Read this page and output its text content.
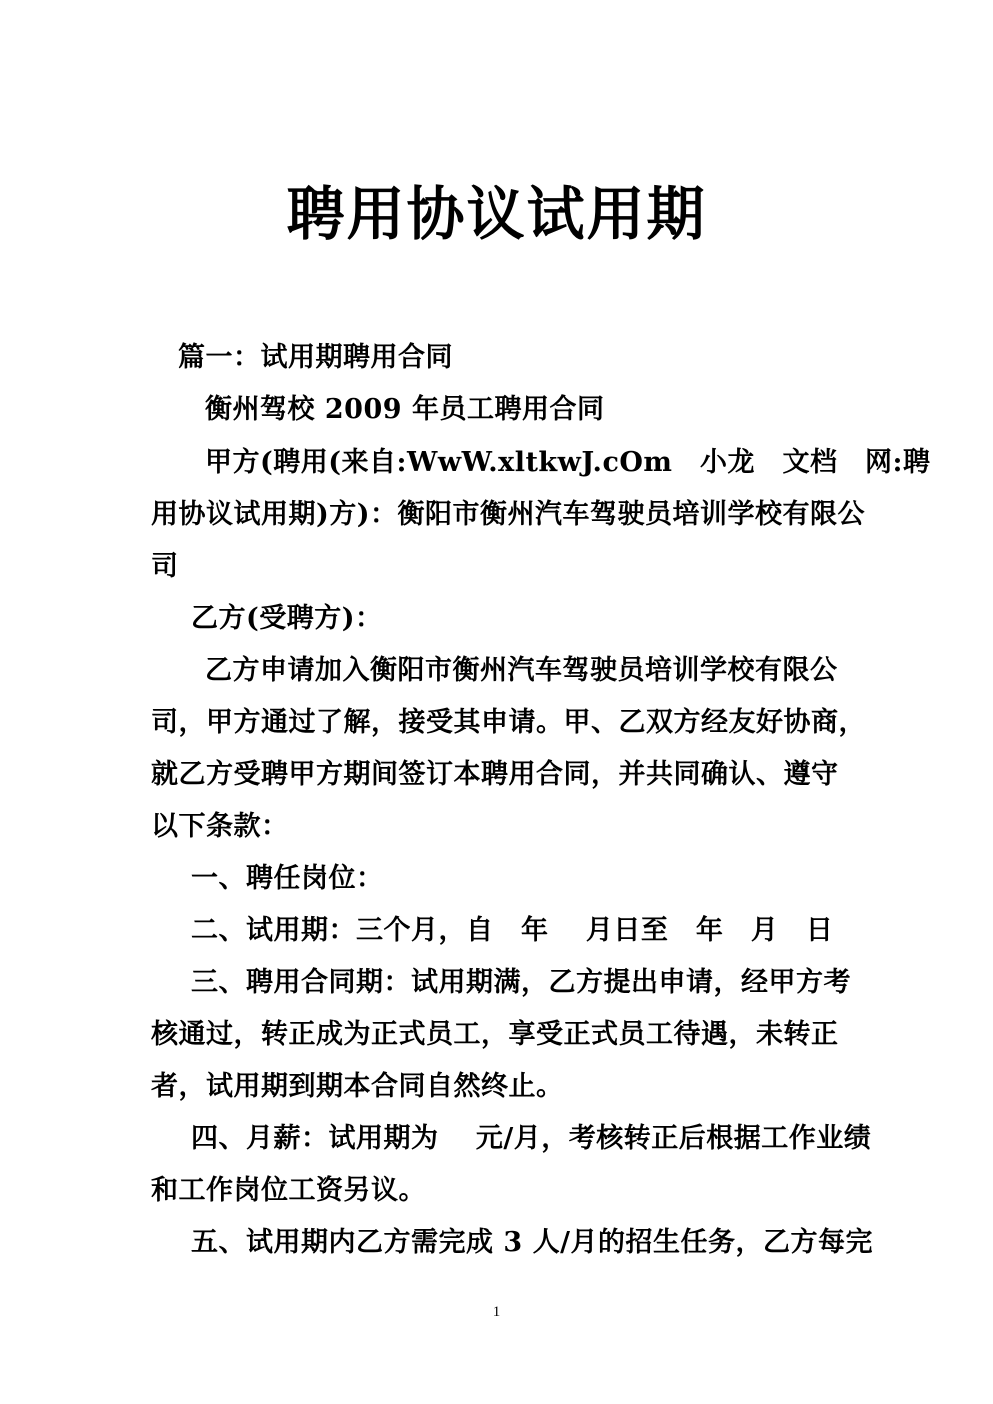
聘用协议试用期
篇一：试用期聘用合同
衡州驾校 2009 年员工聘用合同
甲方(聘用(来自:WwW.xltkwJ.cOm　小龙　文档　网:聘
用协议试用期)方)：衡阳市衡州汽车驾驶员培训学校有限公
司
乙方(受聘方)：
乙方申请加入衡阳市衡州汽车驾驶员培训学校有限公
司，甲方通过了解，接受其申请。甲、乙双方经友好协商，
就乙方受聘甲方期间签订本聘用合同，并共同确认、遵守
以下条款：
一、聘任岗位：
二、试用期：三个月，自　年　 月日至　年　月　日
三、聘用合同期：试用期满，乙方提出申请，经甲方考
核通过，转正成为正式员工，享受正式员工待遇，未转正
者，试用期到期本合同自然终止。
四、月薪：试用期为　 元/月，考核转正后根据工作业绩
和工作岗位工资另议。
五、试用期内乙方需完成 3 人/月的招生任务，乙方每完
1
